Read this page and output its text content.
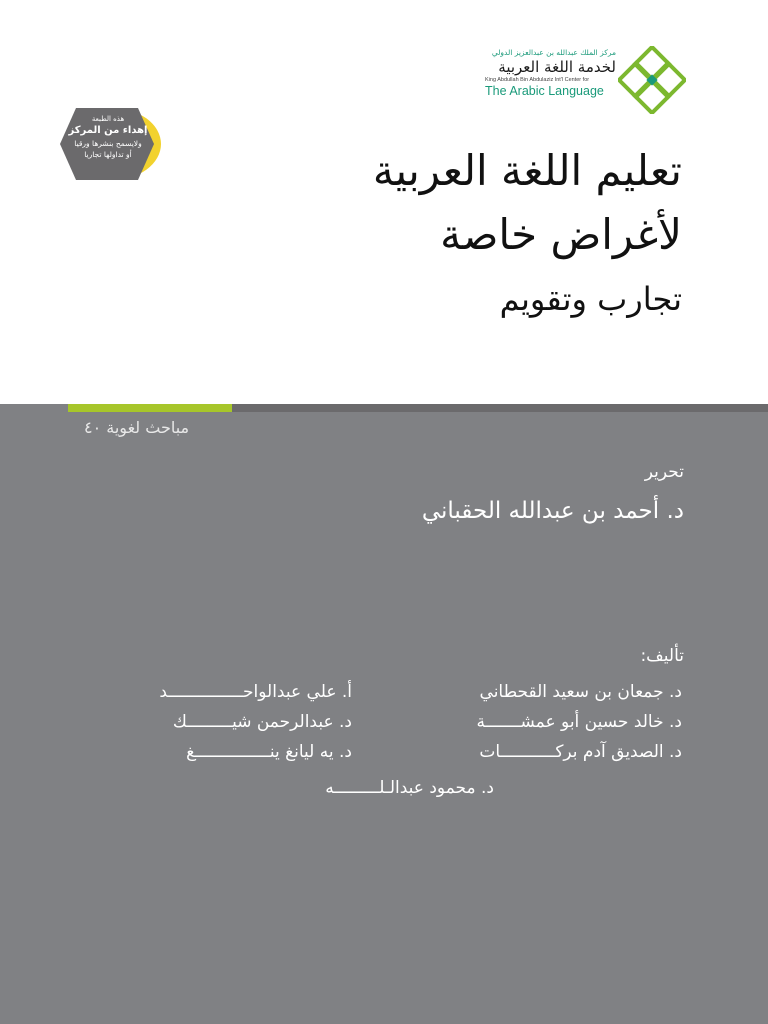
مركز الملك عبدالله بن عبدالعزيز الدولي
لخدمة اللغة العربية
King Abdullah Bin Abdulaziz Int'l Center for
The Arabic Language
هذه الطبعة
إهداء من المركز
ولايسمح بنشرها ورقيا
أو تداولها تجاريا	تعليم اللغة العربية
لأغراض خاصة
تجارب وتقويم
مباحث لغوية ٤٠
تحرير
د. أحمد بن عبدالله الحقباني
تأليف:
د. جمعان بن سعيد القحطاني
د. خالد حسين أبو عمشـــــــة
د. الصديق آدم بركـــــــــــات
أ. علي عبدالواحـــــــــــــــد
د. عبدالرحمن شيـــــــــك
د. يه ليانغ ينـــــــــــــــغ
د. محمود عبدالـلـــــــــه
